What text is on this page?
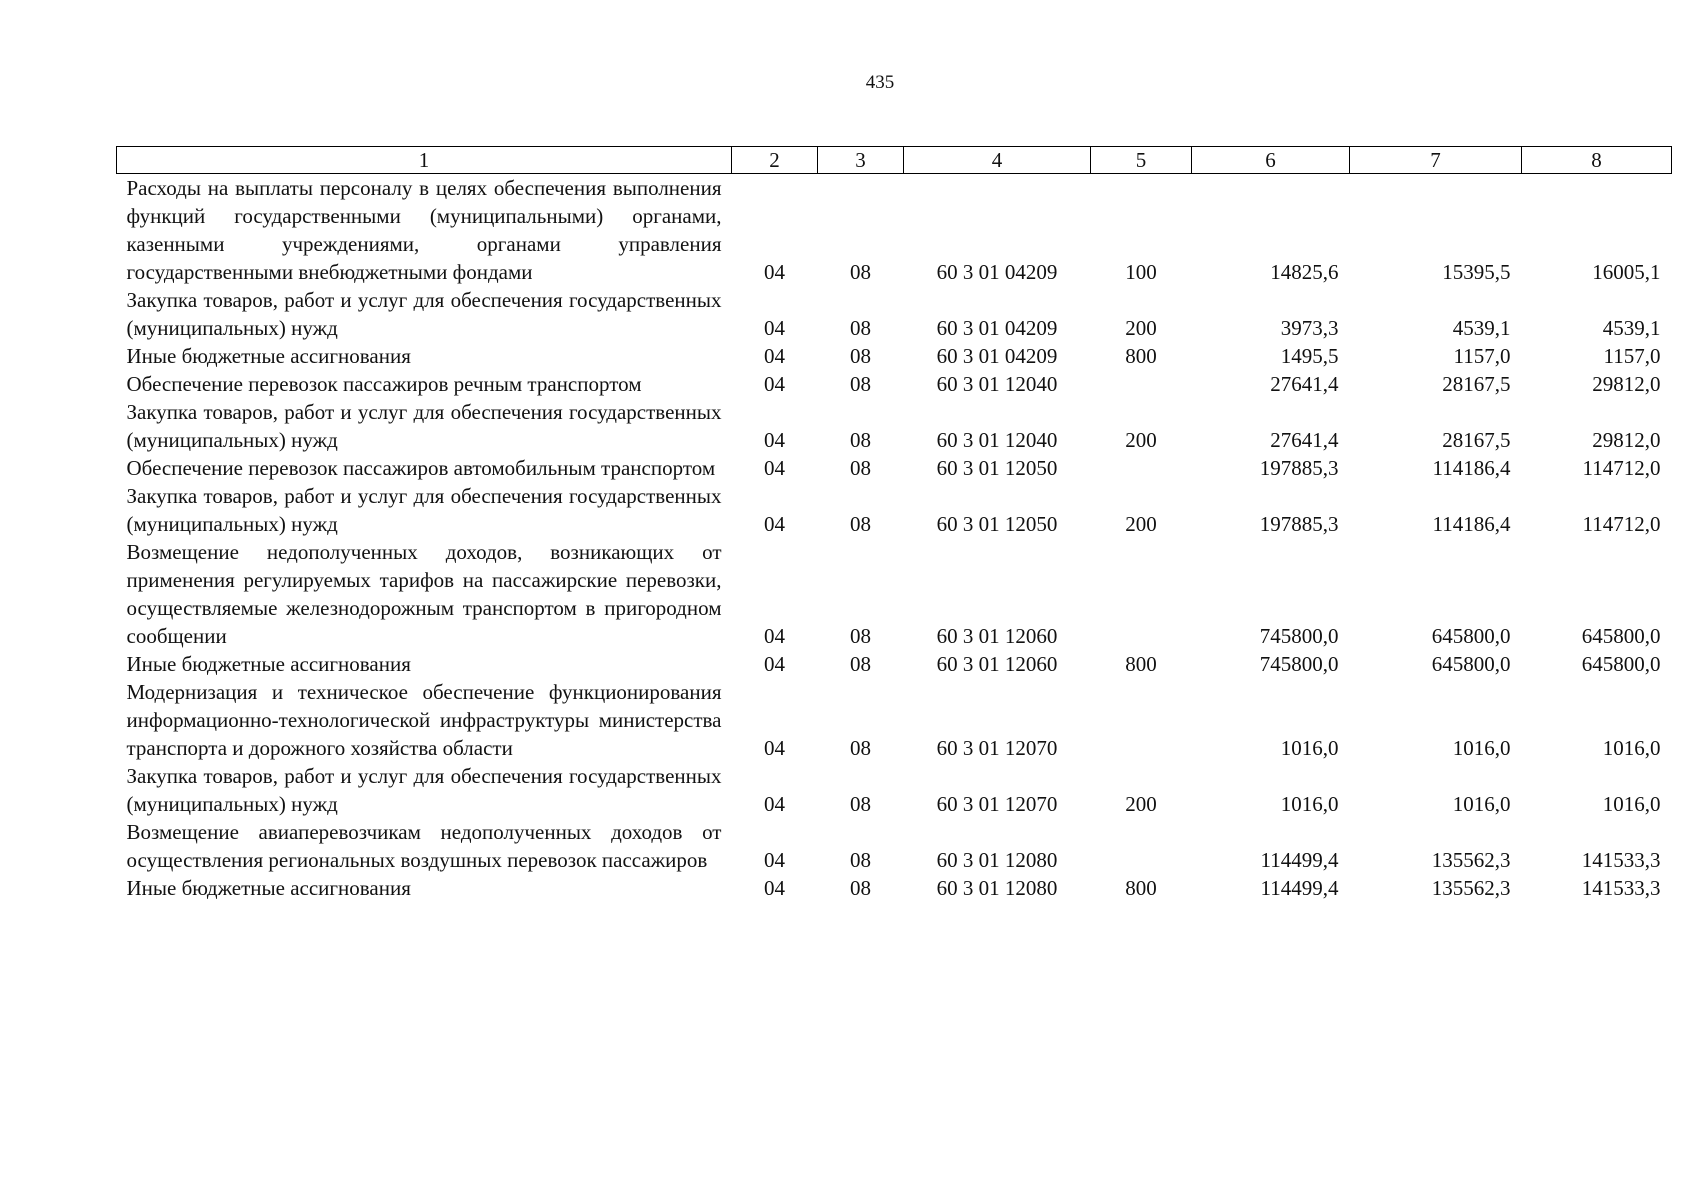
435
1	2	3	4	5	6	7	8
Расходы на выплаты персоналу в целях обеспечения выполнения функций государственными (муниципальными) органами, казенными учреждениями, органами управления государственными внебюджетными фондами	04	08	60 3 01 04209	100	14825,6	15395,5	16005,1
Закупка товаров, работ и услуг для обеспечения государственных (муниципальных) нужд	04	08	60 3 01 04209	200	3973,3	4539,1	4539,1
Иные бюджетные ассигнования	04	08	60 3 01 04209	800	1495,5	1157,0	1157,0
Обеспечение перевозок пассажиров речным транспортом	04	08	60 3 01 12040		27641,4	28167,5	29812,0
Закупка товаров, работ и услуг для обеспечения государственных (муниципальных) нужд	04	08	60 3 01 12040	200	27641,4	28167,5	29812,0
Обеспечение перевозок пассажиров автомобильным транспортом	04	08	60 3 01 12050		197885,3	114186,4	114712,0
Закупка товаров, работ и услуг для обеспечения государственных (муниципальных) нужд	04	08	60 3 01 12050	200	197885,3	114186,4	114712,0
Возмещение недополученных доходов, возникающих от применения регулируемых тарифов на пассажирские перевозки, осуществляемые железнодорожным транспортом в пригородном сообщении	04	08	60 3 01 12060		745800,0	645800,0	645800,0
Иные бюджетные ассигнования	04	08	60 3 01 12060	800	745800,0	645800,0	645800,0
Модернизация и техническое обеспечение функционирования информационно-технологической инфраструктуры министерства транспорта и дорожного хозяйства области	04	08	60 3 01 12070		1016,0	1016,0	1016,0
Закупка товаров, работ и услуг для обеспечения государственных (муниципальных) нужд	04	08	60 3 01 12070	200	1016,0	1016,0	1016,0
Возмещение авиаперевозчикам недополученных доходов от осуществления региональных воздушных перевозок пассажиров	04	08	60 3 01 12080		114499,4	135562,3	141533,3
Иные бюджетные ассигнования	04	08	60 3 01 12080	800	114499,4	135562,3	141533,3
